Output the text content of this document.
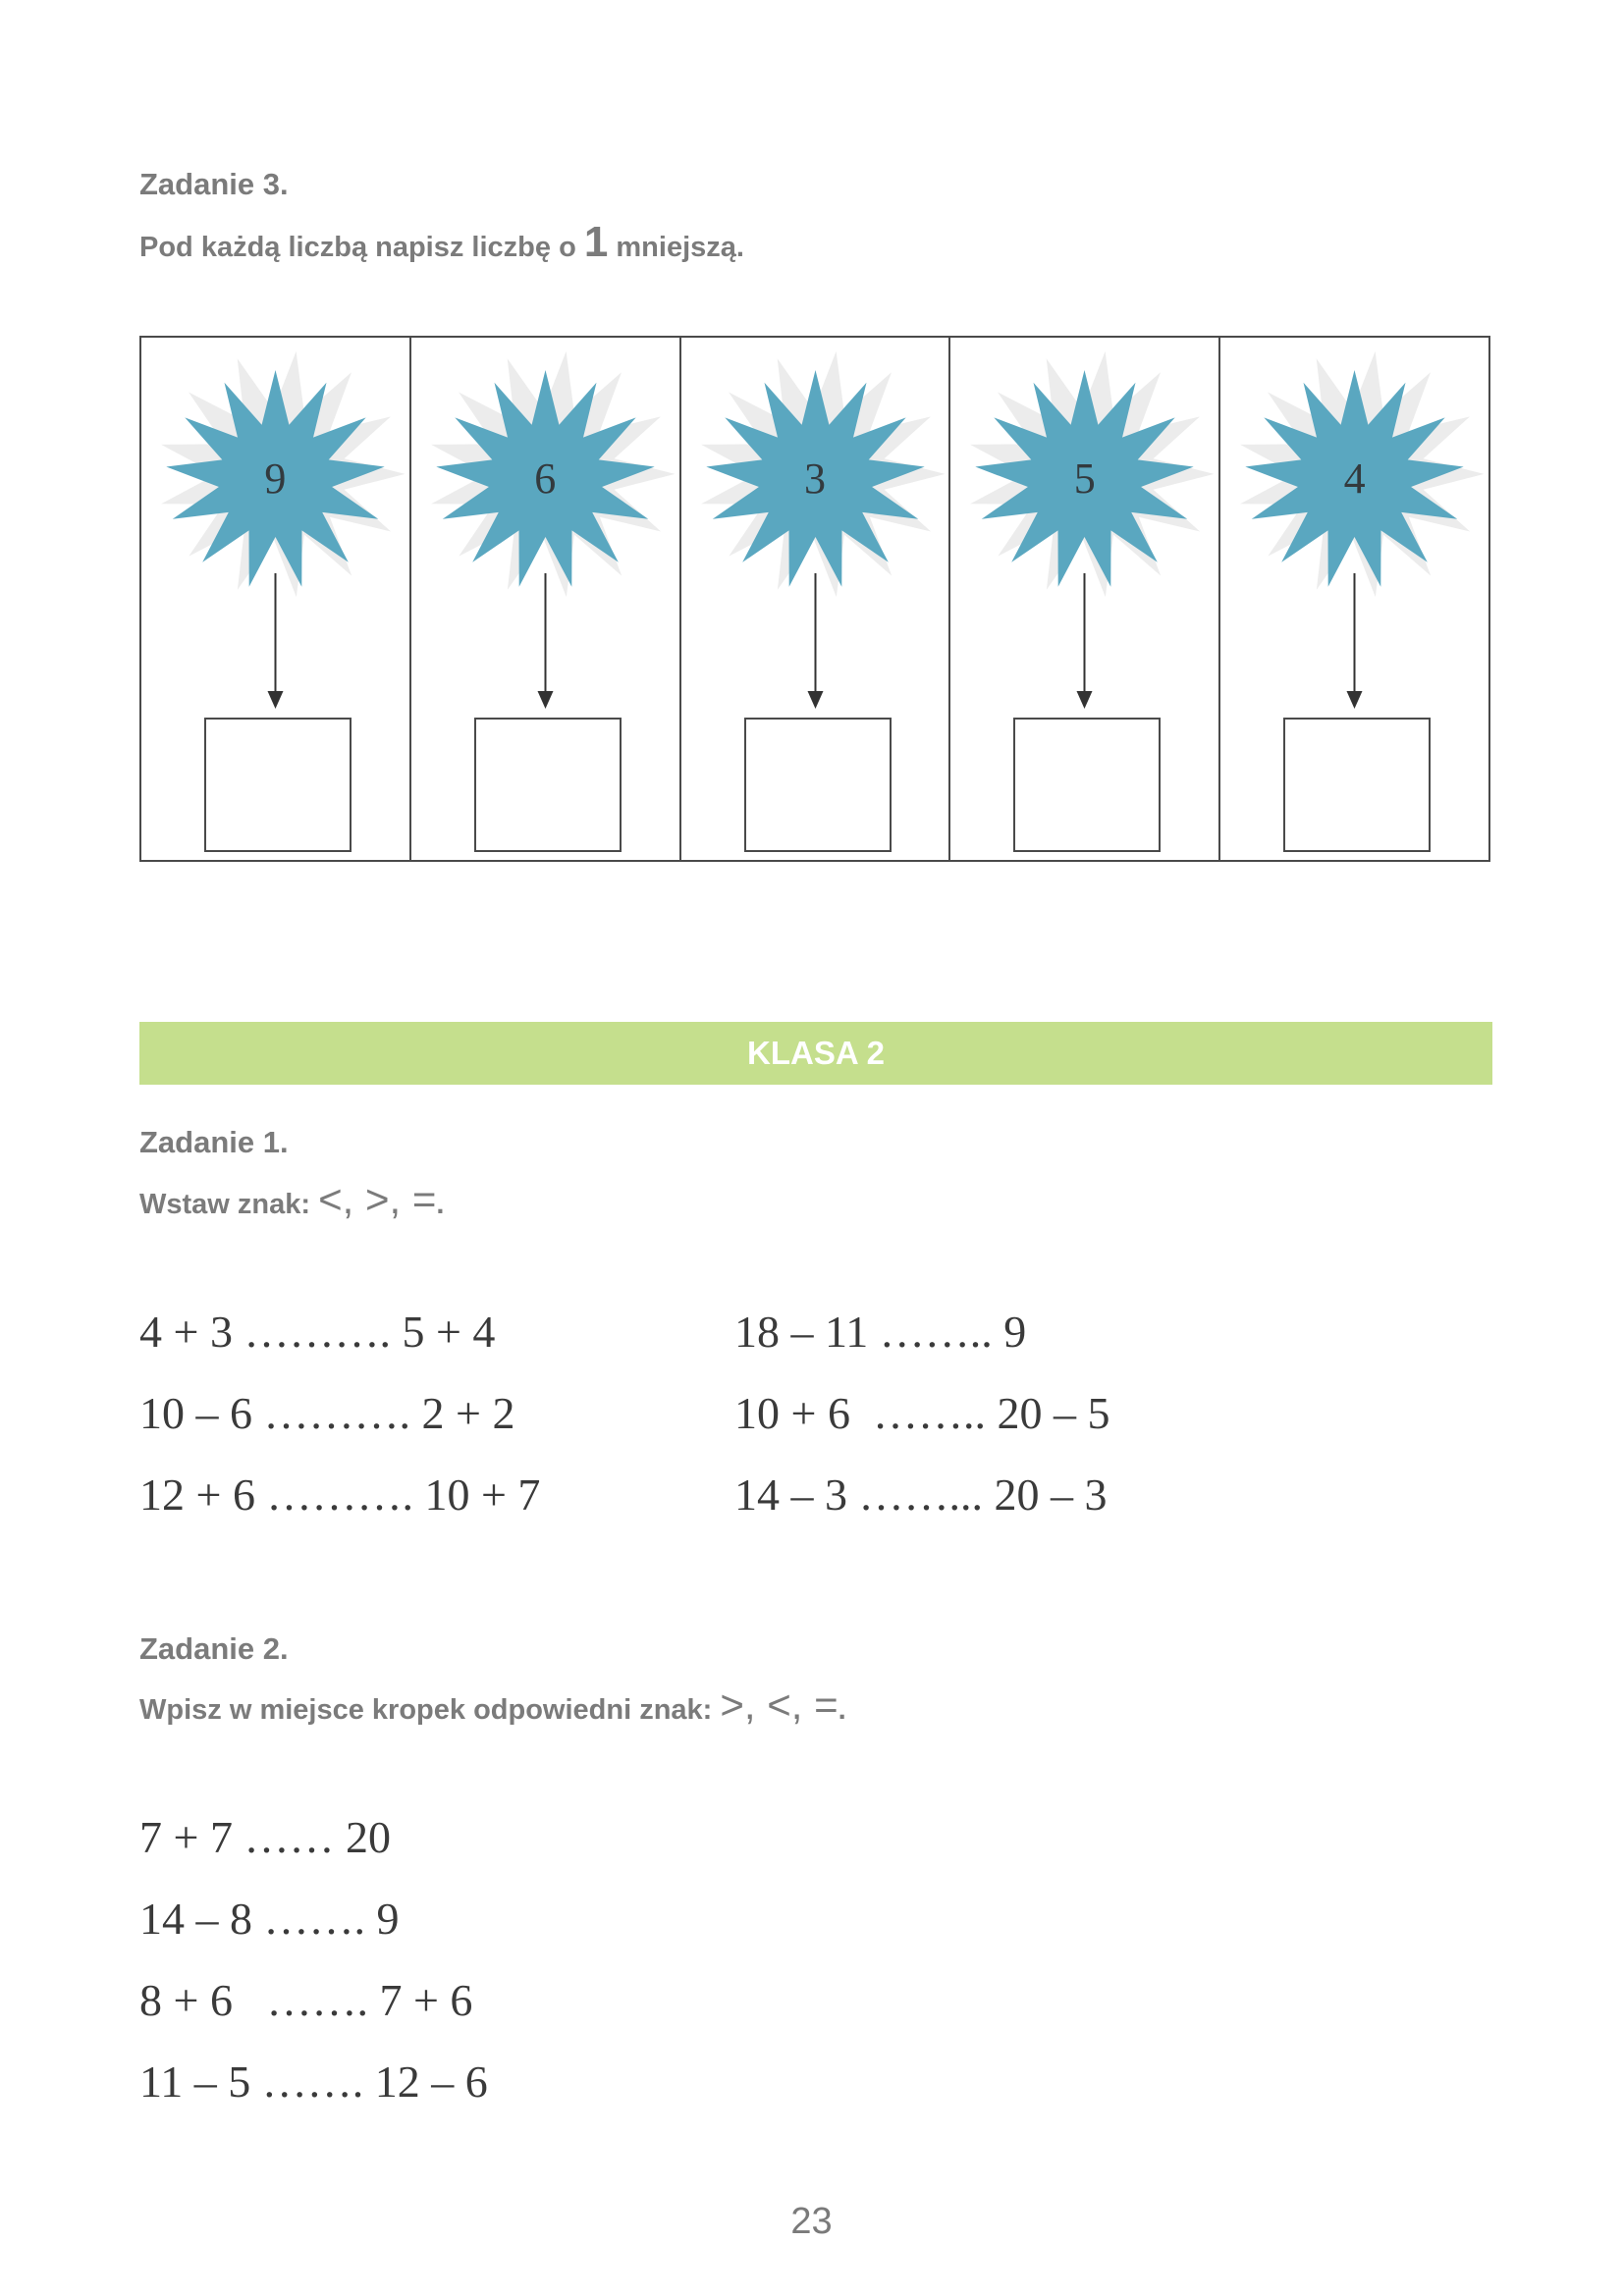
Zadanie 3.
Pod każdą liczbą napisz liczbę o 1 mniejszą.
9	6	3	5	4
KLASA 2
Zadanie 1.
Wstaw znak: <, >, =.
4 + 3 ………. 5 + 4
10 – 6 ………. 2 + 2
12 + 6 ………. 10 + 7
18 – 11 …….. 9
10 + 6  …….. 20 – 5
14 – 3 ……... 20 – 3
Zadanie 2.
Wpisz w miejsce kropek odpowiedni znak: >, <, =.
7 + 7 …… 20
14 – 8 ……. 9
8 + 6   ……. 7 + 6
11 – 5 ……. 12 – 6
23
